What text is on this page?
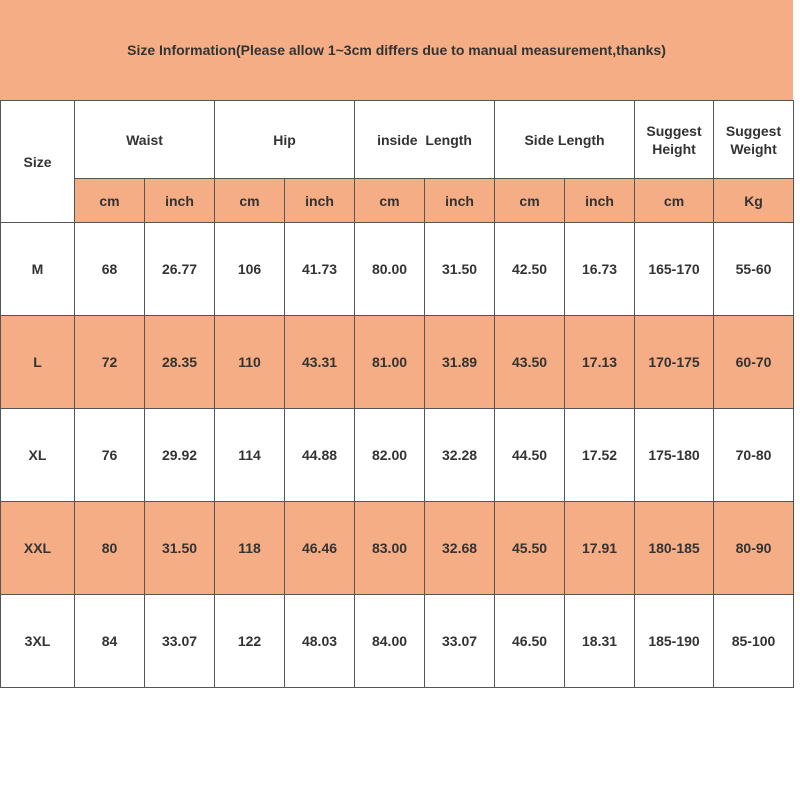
Size Information(Please allow 1~3cm differs due to manual measurement,thanks)
Size	Waist		Hip		inside  Length		Side Length		Suggest Height	Suggest Weight
	cm	inch	cm	inch	cm	inch	cm	inch	cm	Kg
M	68	26.77	106	41.73	80.00	31.50	42.50	16.73	165-170	55-60
L	72	28.35	110	43.31	81.00	31.89	43.50	17.13	170-175	60-70
XL	76	29.92	114	44.88	82.00	32.28	44.50	17.52	175-180	70-80
XXL	80	31.50	118	46.46	83.00	32.68	45.50	17.91	180-185	80-90
3XL	84	33.07	122	48.03	84.00	33.07	46.50	18.31	185-190	85-100
